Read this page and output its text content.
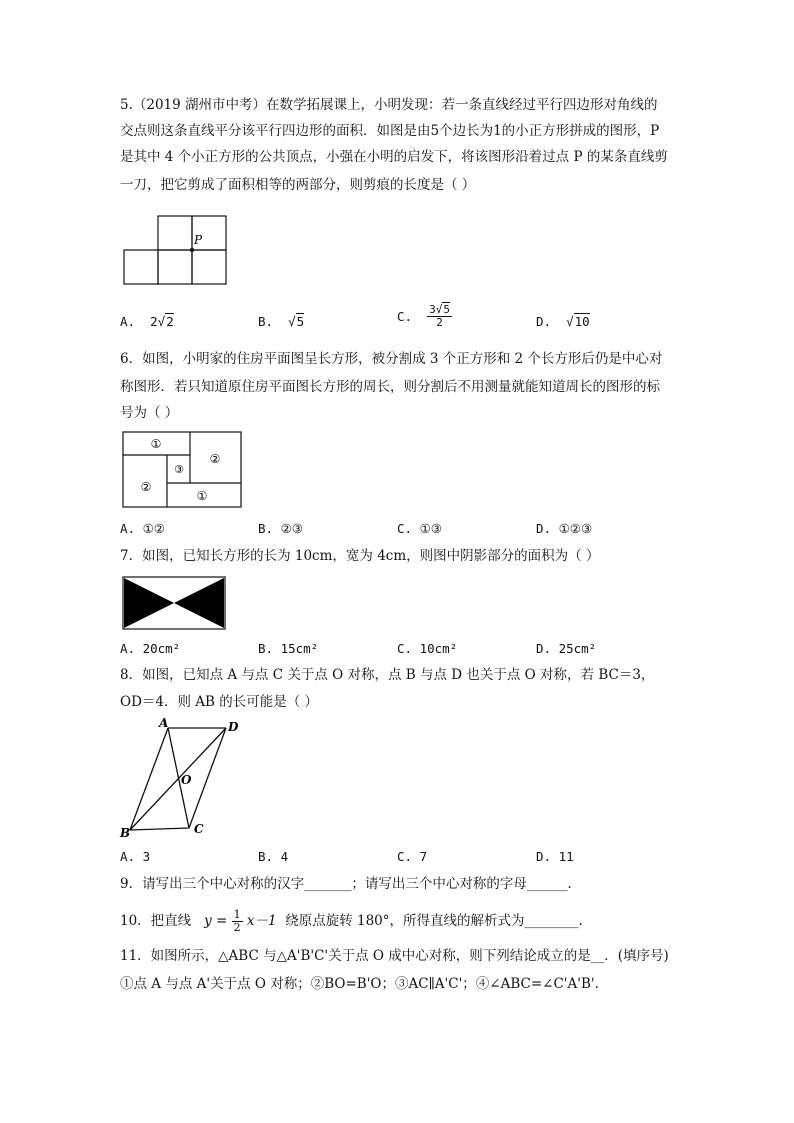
5.（2019 湖州市中考）在数学拓展课上，小明发现：若一条直线经过平行四边形对角线的
交点则这条直线平分该平行四边形的面积．如图是由5个边长为1的小正方形拼成的图形，P
是其中 4 个小正方形的公共顶点，小强在小明的启发下，将该图形沿着过点 P 的某条直线剪
一刀，把它剪成了面积相等的两部分，则剪痕的长度是（ ）
P
A. 2√2	B. √5	C. $\frac{3√5}{2}$	D. √10
6．如图，小明家的住房平面图呈长方形，被分割成 3 个正方形和 2 个长方形后仍是中心对
称图形．若只知道原住房平面图长方形的周长，则分割后不用测量就能知道周长的图形的标
号为（ ）
①
②
③
②
①
A. ①②	B. ②③	C. ①③	D. ①②③
7．如图，已知长方形的长为 10cm，宽为 4cm，则图中阴影部分的面积为（ ）
A. 20cm²	B. 15cm²	C. 10cm²	D. 25cm²
8．如图，已知点 A 与点 C 关于点 O 对称，点 B 与点 D 也关于点 O 对称，若 BC＝3，
OD＝4．则 AB 的长可能是（ ）
A	D
O
B	C
A. 3	B. 4	C. 7	D. 11
9．请写出三个中心对称的汉字_______；请写出三个中心对称的字母______.
10．把直线 $y = \frac{1}{2} x-1$ 绕原点旋转 180°，所得直线的解析式为________.
11．如图所示，△ABC 与△A'B'C'关于点 O 成中心对称，则下列结论成立的是__．(填序号)
①点 A 与点 A'关于点 O 对称；②BO=B'O；③AC∥A'C'；④∠ABC=∠C'A'B'.
